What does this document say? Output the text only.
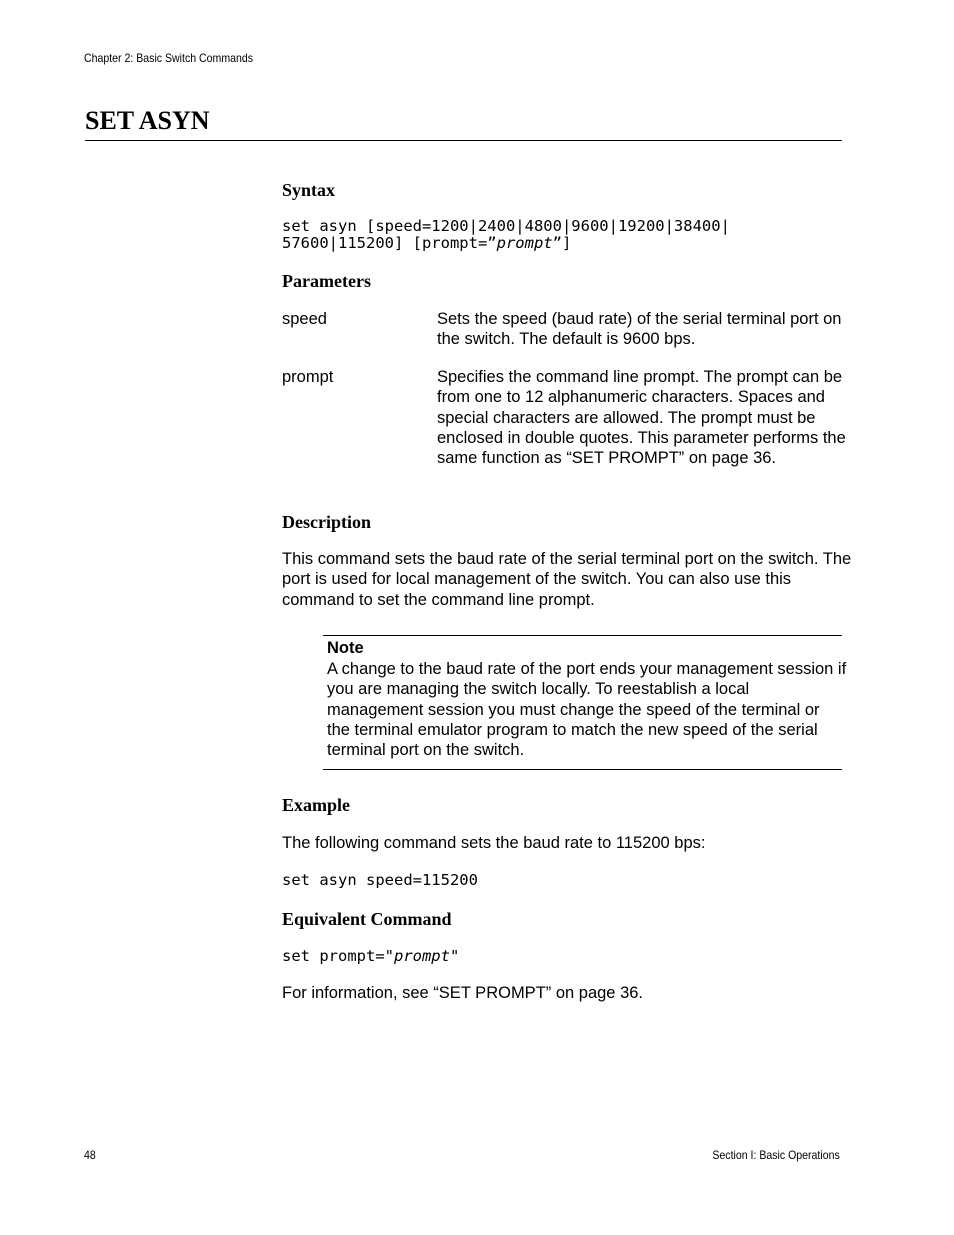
Chapter 2: Basic Switch Commands
SET ASYN
Syntax
set asyn [speed=1200|2400|4800|9600|19200|38400|
57600|115200] [prompt=”prompt”]
Parameters
speed	Sets the speed (baud rate) of the serial terminal port on the switch. The default is 9600 bps.
prompt	Specifies the command line prompt. The prompt can be from one to 12 alphanumeric characters. Spaces and special characters are allowed. The prompt must be enclosed in double quotes. This parameter performs the same function as “SET PROMPT” on page 36.
Description
This command sets the baud rate of the serial terminal port on the switch. The port is used for local management of the switch. You can also use this command to set the command line prompt.
Note
A change to the baud rate of the port ends your management session if you are managing the switch locally. To reestablish a local management session you must change the speed of the terminal or the terminal emulator program to match the new speed of the serial terminal port on the switch.
Example
The following command sets the baud rate to 115200 bps:
set asyn speed=115200
Equivalent Command
set prompt="prompt"
For information, see “SET PROMPT” on page 36.
48	Section I: Basic Operations
